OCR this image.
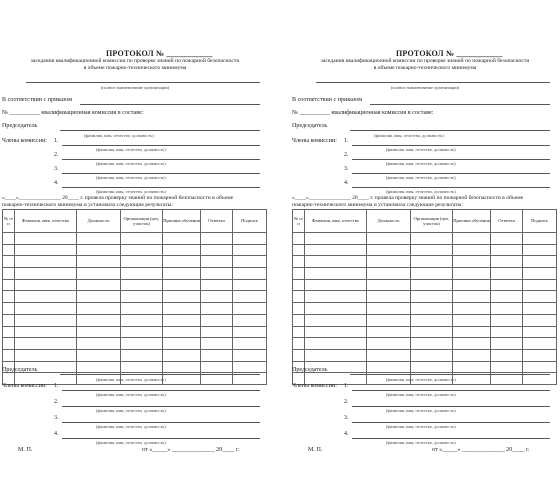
ПРОТОКОЛ № ___________
заседания квалификационной комиссии по проверке знаний по пожарной безопасности
в объеме пожарно-технического минимума
(полное наименование организации)
В соответствии с приказом
№ __________ квалификационная комиссия в составе:
Председатель
(фамилия, имя, отчество, должность)
Члены комиссии: 1.
(фамилия, имя, отчество, должность)
2.
(фамилия, имя, отчество, должность)
3.
(фамилия, имя, отчество, должность)
4.
(фамилия, имя, отчество, должность)
«____»_______________ 20____ г. провела проверку знаний по пожарной безопасности в объеме
пожарно-технического минимума и установила следующие результаты:
№ п/п	Фамилия, имя, отчество	Должность	Организация (цех, участок)	Причина обучения	Отметка	Подпись

Председатель
(фамилия, имя, отчество, должность)
Члены комиссии: 1.
(фамилия, имя, отчество, должность)
2.
(фамилия, имя, отчество, должность)
3.
(фамилия, имя, отчество, должность)
4.
(фамилия, имя, отчество, должность)
М. П.	от «_____» ______________ 20____ г.
ПРОТОКОЛ № ___________
заседания квалификационной комиссии по проверке знаний по пожарной безопасности
в объеме пожарно-технического минимума
(полное наименование организации)
В соответствии с приказом
№ __________ квалификационная комиссия в составе:
Председатель
(фамилия, имя, отчество, должность)
Члены комиссии: 1.
(фамилия, имя, отчество, должность)
2.
(фамилия, имя, отчество, должность)
3.
(фамилия, имя, отчество, должность)
4.
(фамилия, имя, отчество, должность)
«____»_______________ 20____ г. провела проверку знаний по пожарной безопасности в объеме
пожарно-технического минимума и установила следующие результаты:
№ п/п	Фамилия, имя, отчество	Должность	Организация (цех, участок)	Причина обучения	Отметка	Подпись

Председатель
(фамилия, имя, отчество, должность)
Члены комиссии: 1.
(фамилия, имя, отчество, должность)
2.
(фамилия, имя, отчество, должность)
3.
(фамилия, имя, отчество, должность)
4.
(фамилия, имя, отчество, должность)
М. П.	от «_____» ______________ 20____ г.
